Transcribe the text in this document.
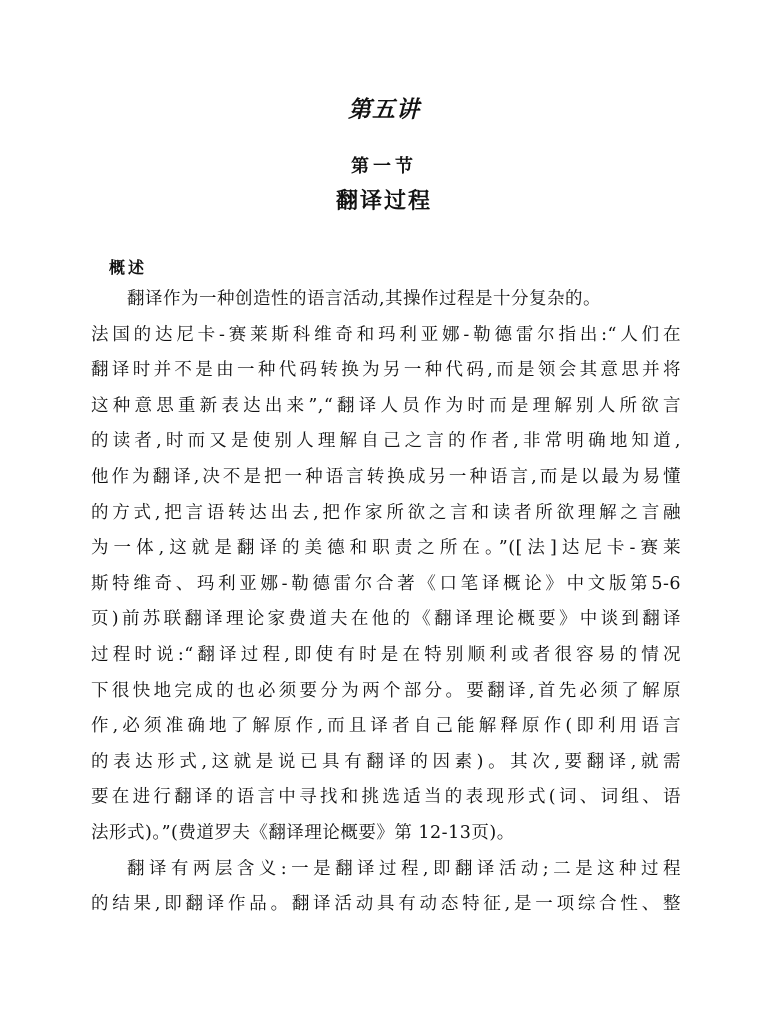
第五讲
第一节
翻译过程
概述
翻译作为一种创造性的语言活动,其操作过程是十分复杂的。
法国的达尼卡-赛莱斯科维奇和玛利亚娜-勒德雷尔指出:“人们在
翻译时并不是由一种代码转换为另一种代码,而是领会其意思并将
这种意思重新表达出来”,“翻译人员作为时而是理解别人所欲言
的读者,时而又是使别人理解自己之言的作者,非常明确地知道,
他作为翻译,决不是把一种语言转换成另一种语言,而是以最为易懂
的方式,把言语转达出去,把作家所欲之言和读者所欲理解之言融
为一体,这就是翻译的美德和职责之所在。”([法]达尼卡-赛莱
斯特维奇、玛利亚娜-勒德雷尔合著《口笔译概论》中文版第5-6
页)前苏联翻译理论家费道夫在他的《翻译理论概要》中谈到翻译
过程时说:“翻译过程,即使有时是在特别顺利或者很容易的情况
下很快地完成的也必须要分为两个部分。要翻译,首先必须了解原
作,必须准确地了解原作,而且译者自己能解释原作(即利用语言
的表达形式,这就是说已具有翻译的因素)。其次,要翻译,就需
要在进行翻译的语言中寻找和挑选适当的表现形式(词、词组、语
法形式)。”(费道罗夫《翻译理论概要》第 12-13页)。
翻译有两层含义:一是翻译过程,即翻译活动;二是这种过程
的结果,即翻译作品。翻译活动具有动态特征,是一项综合性、整
